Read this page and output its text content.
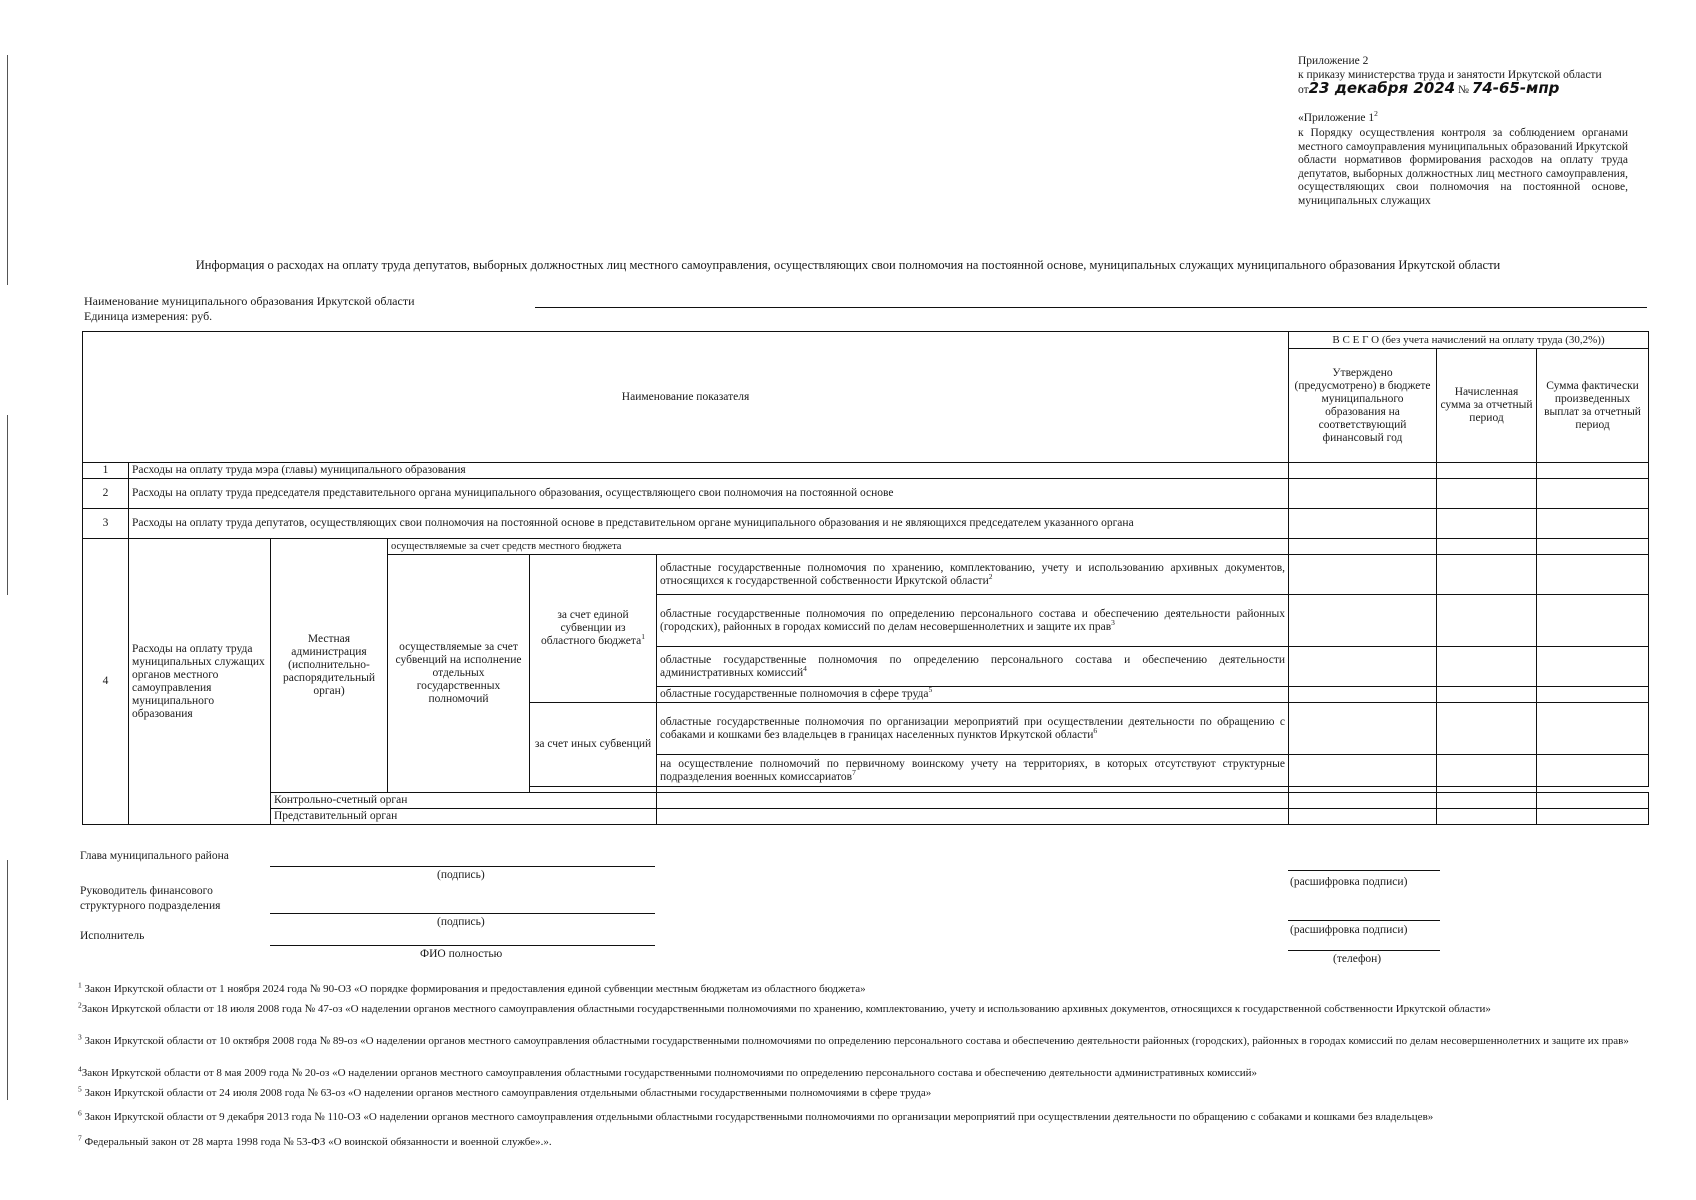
Приложение 2
к приказу министерства труда и занятости Иркутской области
от23 декабря 2024 № 74-65-мпр
«Приложение $1^2$
к Порядку осуществления контроля за соблюдением органами местного самоуправления муниципальных образований Иркутской области нормативов формирования расходов на оплату труда депутатов, выборных должностных лиц местного самоуправления, осуществляющих свои полномочия на постоянной основе, муниципальных служащих
Информация о расходах на оплату труда депутатов, выборных должностных лиц местного самоуправления, осуществляющих свои полномочия на постоянной основе, муниципальных служащих муниципального образования Иркутской области
Наименование муниципального образования Иркутской области
Единица измерения: руб.
Наименование показателя						В С Е Г О (без учета начислений на оплату труда (30,2%))		
						Утверждено (предусмотрено) в бюджете муниципального образования на соответствующий финансовый год	Начисленная сумма за отчетный период	Сумма фактически произведенных выплат за отчетный период
1	Расходы на оплату труда мэра (главы) муниципального образования							
2	Расходы на оплату труда председателя представительного органа муниципального образования, осуществляющего свои полномочия на постоянной основе							
3	Расходы на оплату труда депутатов, осуществляющих свои полномочия на постоянной основе в представительном органе муниципального образования и не являющихся председателем указанного органа							
4	Расходы на оплату труда муниципальных служащих органов местного самоуправления муниципального образования	Местная администрация (исполнительно-распорядительный орган)	осуществляемые за счет средств местного бюджета					
			осуществляемые за счет субвенций на исполнение отдельных государственных полномочий	за счет единой субвенции из областного бюджета$^1$	областные государственные полномочия по хранению, комплектованию, учету и использованию архивных документов, относящихся к государственной собственности Иркутской области$^2$			
					областные государственные полномочия по определению персонального состава и обеспечению деятельности районных (городских), районных в городах комиссий по делам несовершеннолетних и защите их прав$^3$			
					областные государственные полномочия по определению персонального состава и обеспечению деятельности административных комиссий$^4$			
					областные государственные полномочия в сфере труда$^5$			
				за счет иных субвенций	областные государственные полномочия по организации мероприятий при осуществлении деятельности по обращению с собаками и кошками без владельцев в границах населенных пунктов Иркутской области$^6$			
					на осуществление полномочий по первичному воинскому учету на территориях, в которых отсутствуют структурные подразделения военных комиссариатов$^7$			

		Контрольно-счетный орган						
		Представительный орган						
Глава муниципального района
(подпись)
Руководитель финансового структурного подразделения
(подпись)
Исполнитель
ФИО полностью
(расшифровка подписи)
(расшифровка подписи)
(телефон)
$^1$ Закон Иркутской области от 1 ноября 2024 года № 90-ОЗ «О порядке формирования и предоставления единой субвенции местным бюджетам из областного бюджета»
$^2$Закон Иркутской области от 18 июля 2008 года № 47-оз «О наделении органов местного самоуправления областными государственными полномочиями по хранению, комплектованию, учету и использованию архивных документов, относящихся к государственной собственности Иркутской области»
$^3$ Закон Иркутской области от 10 октября 2008 года № 89-оз «О наделении органов местного самоуправления областными государственными полномочиями по определению персонального состава и обеспечению деятельности районных (городских), районных в городах комиссий по делам несовершеннолетних и защите их прав»
$^4$Закон Иркутской области от 8 мая 2009 года № 20-оз «О наделении органов местного самоуправления областными государственными полномочиями по определению персонального состава и обеспечению деятельности административных комиссий»
$^5$ Закон Иркутской области от 24 июля 2008 года № 63-оз «О наделении органов местного самоуправления отдельными областными государственными полномочиями в сфере труда»
$^6$ Закон Иркутской области от 9 декабря 2013 года № 110-ОЗ «О наделении органов местного самоуправления отдельными областными государственными полномочиями по организации мероприятий при осуществлении деятельности по обращению с собаками и кошками без владельцев»
$^7$ Федеральный закон от 28 марта 1998 года № 53-ФЗ «О воинской обязанности и военной службе».».
